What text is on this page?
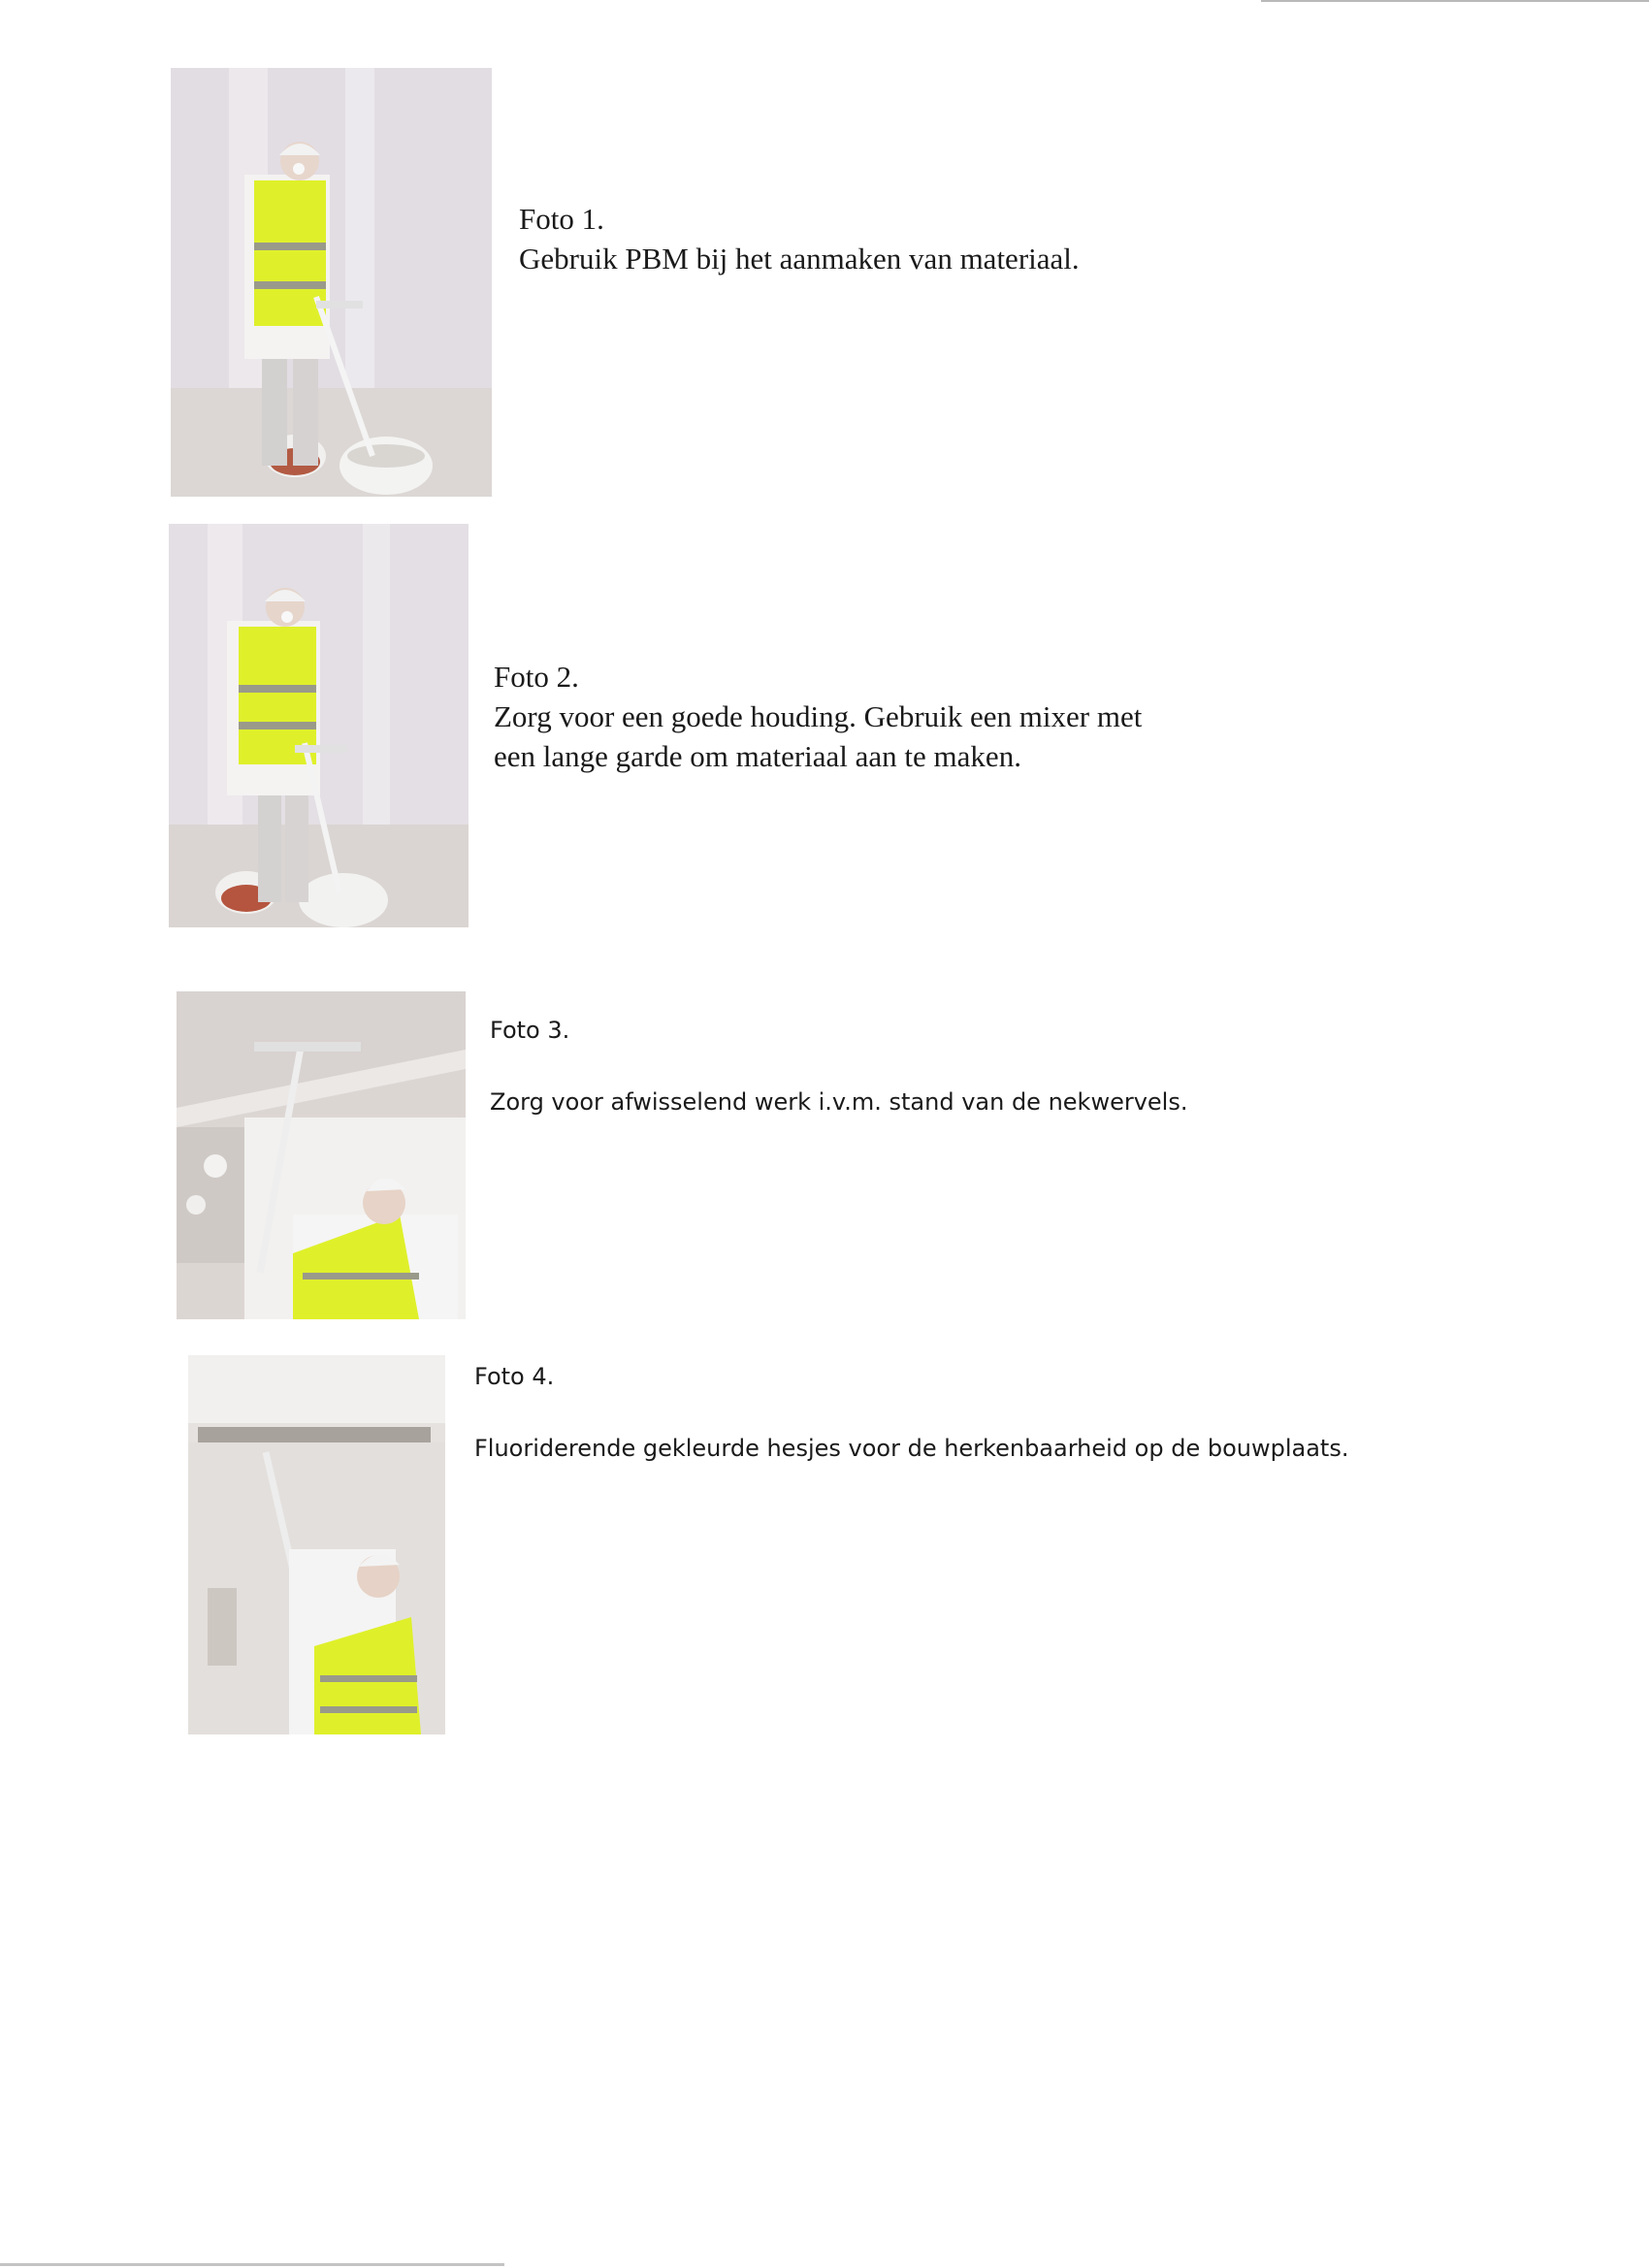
Foto 1.
Gebruik PBM bij het aanmaken van materiaal.
Foto 2.
Zorg voor een goede houding. Gebruik een mixer met
een lange garde om materiaal aan te maken.
Foto 3.
Zorg voor afwisselend werk i.v.m. stand van de nekwervels.
Foto 4.
Fluoriderende gekleurde hesjes voor de herkenbaarheid op de bouwplaats.
